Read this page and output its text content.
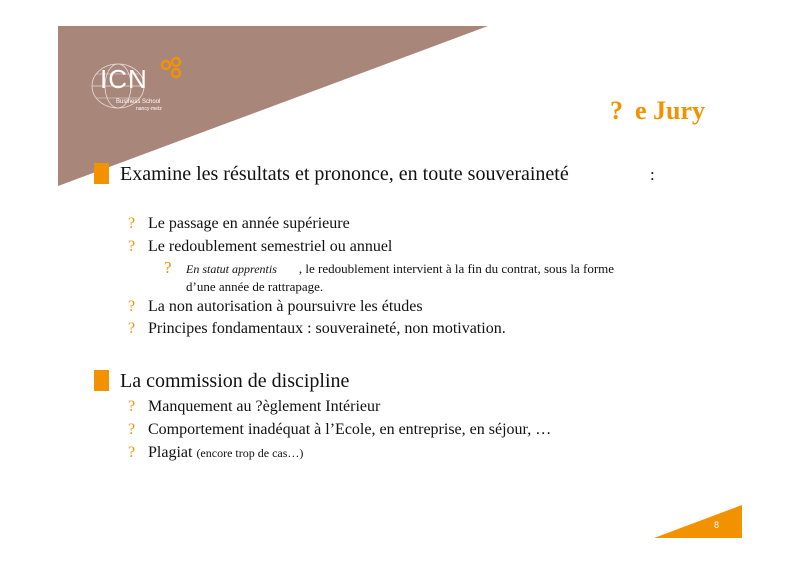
ICN
Business School
nancy·metz	? e Jury
Examine les résultats et prononce, en toute souveraineté	:
? Le passage en année supérieure
? Le redoublement semestriel ou annuel
? En statut apprentis , le redoublement intervient à la fin du contrat, sous la forme
d’une année de rattrapage.
? La non autorisation à poursuivre les études
? Principes fondamentaux : souveraineté, non motivation.
La commission de discipline
? Manquement au ?èglement Intérieur
? Comportement inadéquat à l’Ecole, en entreprise, en séjour, …
? Plagiat (encore trop de cas…)
8
